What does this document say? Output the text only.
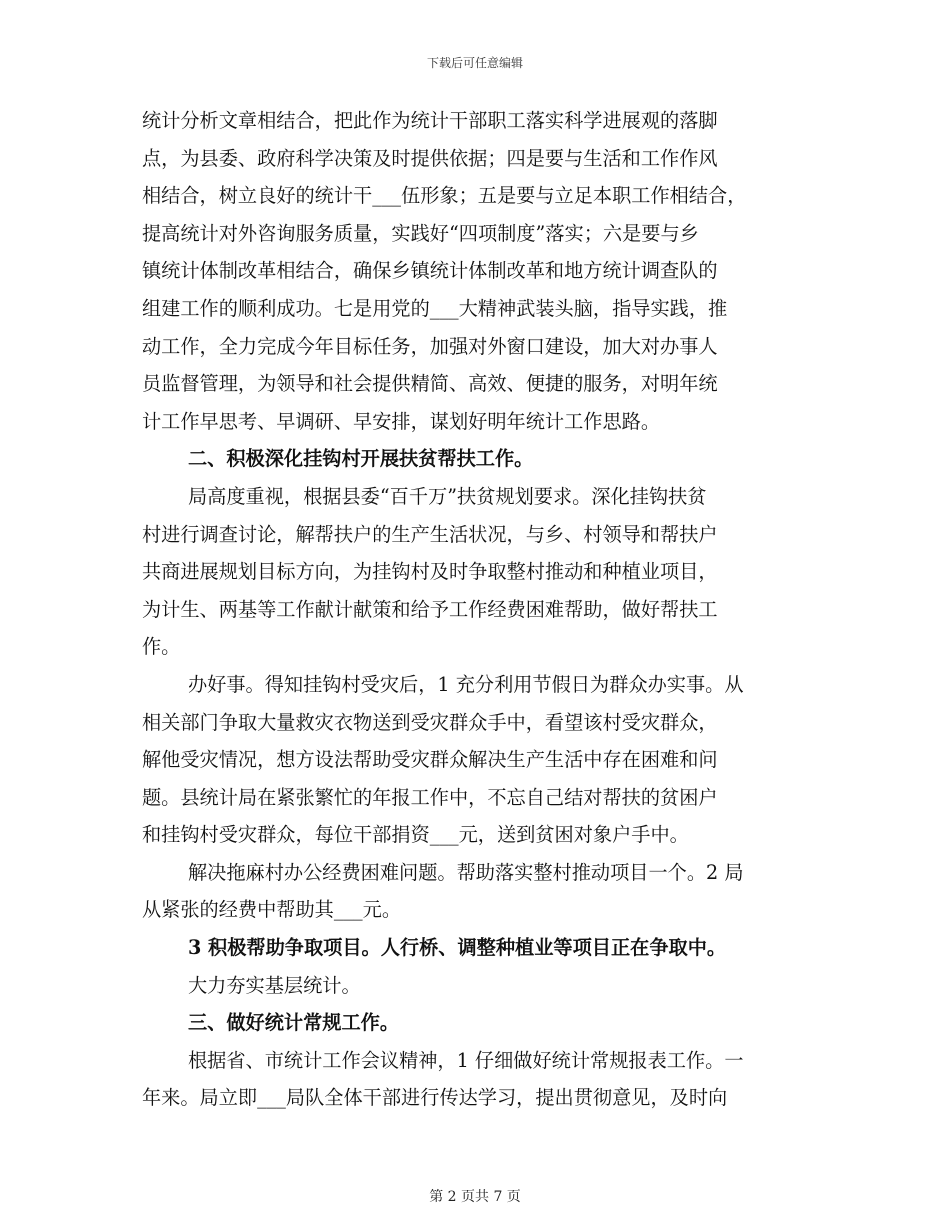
下载后可任意编辑
统计分析文章相结合，把此作为统计干部职工落实科学进展观的落脚
点，为县委、政府科学决策及时提供依据；四是要与生活和工作作风
相结合，树立良好的统计干___伍形象；五是要与立足本职工作相结合，
提高统计对外咨询服务质量，实践好“四项制度”落实；六是要与乡
镇统计体制改革相结合，确保乡镇统计体制改革和地方统计调查队的
组建工作的顺利成功。七是用党的___大精神武装头脑，指导实践，推
动工作，全力完成今年目标任务，加强对外窗口建设，加大对办事人
员监督管理，为领导和社会提供精简、高效、便捷的服务，对明年统
计工作早思考、早调研、早安排，谋划好明年统计工作思路。
二、积极深化挂钩村开展扶贫帮扶工作。
局高度重视，根据县委“百千万”扶贫规划要求。深化挂钩扶贫
村进行调查讨论，解帮扶户的生产生活状况，与乡、村领导和帮扶户
共商进展规划目标方向，为挂钩村及时争取整村推动和种植业项目，
为计生、两基等工作献计献策和给予工作经费困难帮助，做好帮扶工
作。
办好事。得知挂钩村受灾后，1 充分利用节假日为群众办实事。从
相关部门争取大量救灾衣物送到受灾群众手中，看望该村受灾群众，
解他受灾情况，想方设法帮助受灾群众解决生产生活中存在困难和问
题。县统计局在紧张繁忙的年报工作中，不忘自己结对帮扶的贫困户
和挂钩村受灾群众，每位干部捐资___元，送到贫困对象户手中。
解决拖麻村办公经费困难问题。帮助落实整村推动项目一个。2 局
从紧张的经费中帮助其___元。
3 积极帮助争取项目。人行桥、调整种植业等项目正在争取中。
大力夯实基层统计。
三、做好统计常规工作。
根据省、市统计工作会议精神，1 仔细做好统计常规报表工作。一
年来。局立即___局队全体干部进行传达学习，提出贯彻意见，及时向
第 2 页共 7 页
